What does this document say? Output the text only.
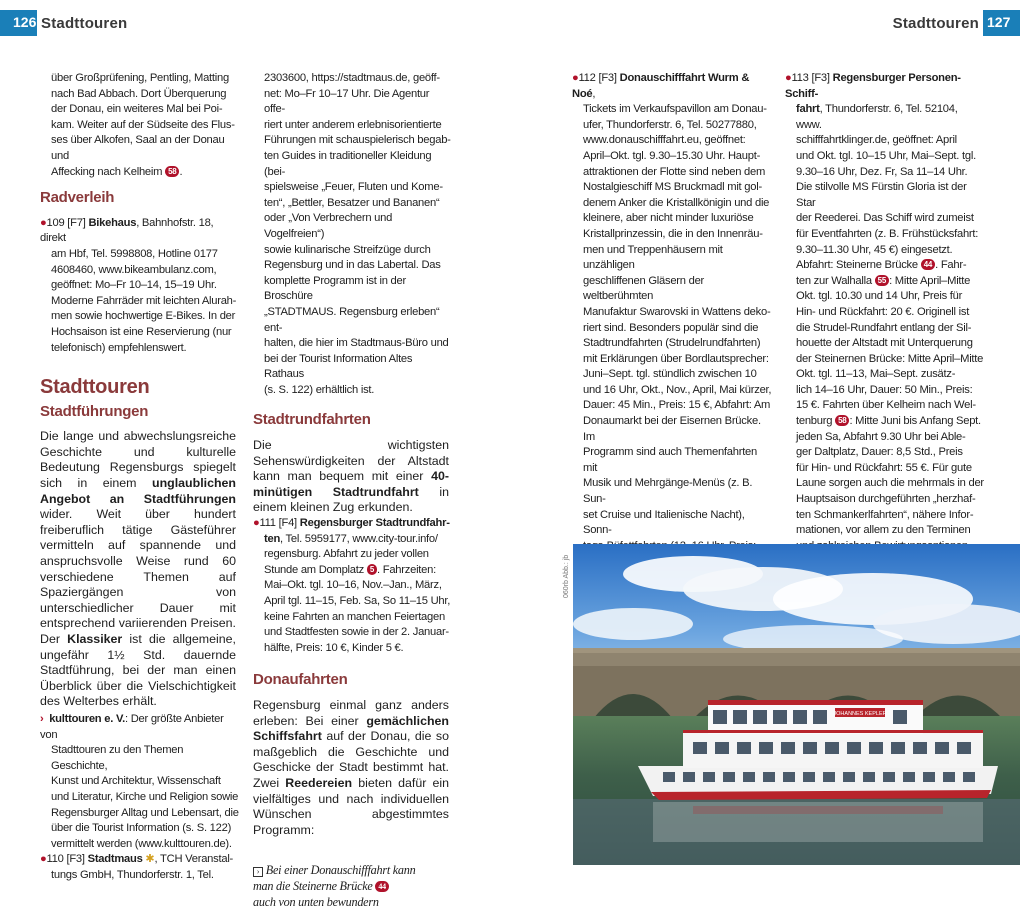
126 Stadttouren	Stadttouren 127
über Großprüfening, Pentling, Matting
nach Bad Abbach. Dort Überquerung
der Donau, ein weiteres Mal bei Poi-
kam. Weiter auf der Südseite des Flus-
ses über Alkofen, Saal an der Donau und
Affecking nach Kelheim 58 .
Radverleih
●109 [F7] Bikehaus, Bahnhofstr. 18, direkt
am Hbf, Tel. 5998808, Hotline 0177
4608460, www.bikeambulanz.com,
geöffnet: Mo–Fr 10–14, 15–19 Uhr.
Moderne Fahrräder mit leichten Alurah-
men sowie hochwertige E-Bikes. In der
Hochsaison ist eine Reservierung (nur
telefonisch) empfehlenswert.
Stadttouren
Stadtführungen
Die lange und abwechslungsreiche Geschichte und kulturelle Bedeutung Regensburgs spiegelt sich in einem unglaublichen Angebot an Stadtführungen wider. Weit über hundert freiberuflich tätige Gästeführer vermitteln auf spannende und anspruchsvolle Weise rund 60 verschiedene Themen auf Spaziergängen von unterschiedlicher Dauer mit entsprechend variierenden Preisen. Der Klassiker ist die allgemeine, ungefähr 1½ Std. dauernde Stadtführung, bei der man einen Überblick über die Vielschichtigkeit des Welterbes erhält.
› kulttouren e. V.: Der größte Anbieter von
Stadttouren zu den Themen Geschichte,
Kunst und Architektur, Wissenschaft
und Literatur, Kirche und Religion sowie
Regensburger Alltag und Lebensart, die
über die Tourist Information (s. S. 122)
vermittelt werden (www.kulttouren.de).
●110 [F3] Stadtmaus ✱, TCH Veranstal-
tungs GmbH, Thundorferstr. 1, Tel.
2303600, https://stadtmaus.de, geöff-
net: Mo–Fr 10–17 Uhr. Die Agentur offe-
riert unter anderem erlebnisorientierte
Führungen mit schauspielerisch begab-
ten Guides in traditioneller Kleidung (bei-
spielsweise „Feuer, Fluten und Kome-
ten“, „Bettler, Besatzer und Bananen“
oder „Von Verbrechern und Vogelfreien“)
sowie kulinarische Streifzüge durch
Regensburg und in das Labertal. Das
komplette Programm ist in der Broschüre
„STADTMAUS. Regensburg erleben“ ent-
halten, die hier im Stadtmaus-Büro und
bei der Tourist Information Altes Rathaus
(s. S. 122) erhältlich ist.
Stadtrundfahrten
Die wichtigsten Sehenswürdigkeiten der Altstadt kann man bequem mit einer 40-minütigen Stadtrundfahrt in einem kleinen Zug erkunden.
●111 [F4] Regensburger Stadtrundfahr-
ten, Tel. 5959177, www.city-tour.info/
regensburg. Abfahrt zu jeder vollen
Stunde am Domplatz 5 . Fahrzeiten:
Mai–Okt. tgl. 10–16, Nov.–Jan., März,
April tgl. 11–15, Feb. Sa, So 11–15 Uhr,
keine Fahrten an manchen Feiertagen
und Stadtfesten sowie in der 2. Januar-
hälfte, Preis: 10 €, Kinder 5 €.
Donaufahrten
Regensburg einmal ganz anders erleben: Bei einer gemächlichen Schiffsfahrt auf der Donau, die so maßgeblich die Geschichte und Geschicke der Stadt bestimmt hat. Zwei Reedereien bieten dafür ein vielfältiges und nach individuellen Wünschen abgestimmtes Programm:
› Bei einer Donauschifffahrt kann
man die Steinerne Brücke 44
auch von unten bewundern
●112 [F3] Donauschifffahrt Wurm & Noé,
Tickets im Verkaufspavillon am Donau-
ufer, Thundorferstr. 6, Tel. 50277880,
www.donauschifffahrt.eu, geöffnet:
April–Okt. tgl. 9.30–15.30 Uhr. Haupt-
attraktionen der Flotte sind neben dem
Nostalgieschiff MS Bruckmadl mit gol-
denem Anker die Kristallkönigin und die
kleinere, aber nicht minder luxuriöse
Kristallprinzessin, die in den Innenräu-
men und Treppenhäusern mit unzähligen
geschliffenen Gläsern der weltberühmten
Manufaktur Swarovski in Wattens deko-
riert sind. Besonders populär sind die
Stadtrundfahrten (Strudelrundfahrten)
mit Erklärungen über Bordlautsprecher:
Juni–Sept. tgl. stündlich zwischen 10
und 16 Uhr, Okt., Nov., April, Mai kürzer,
Dauer: 45 Min., Preis: 15 €, Abfahrt: Am
Donaumarkt bei der Eisernen Brücke. Im
Programm sind auch Themenfahrten mit
Musik und Mehrgänge-Menüs (z. B. Sun-
set Cruise und Italienische Nacht), Sonn-
●113 [F3] Regensburger Personen-Schiff-
fahrt, Thundorferstr. 6, Tel. 52104, www.
schifffahrtklinger.de, geöffnet: April
und Okt. tgl. 10–15 Uhr, Mai–Sept. tgl.
9.30–16 Uhr, Dez. Fr, Sa 11–14 Uhr.
Die stilvolle MS Fürstin Gloria ist der Star
der Reederei. Das Schiff wird zumeist
für Eventfahrten (z. B. Frühstücksfahrt:
9.30–11.30 Uhr, 45 €) eingesetzt.
Abfahrt: Steinerne Brücke 44 . Fahr-
ten zur Walhalla 55 : Mitte April–Mitte
Okt. tgl. 10.30 und 14 Uhr, Preis für
Hin- und Rückfahrt: 20 €. Originell ist
die Strudel-Rundfahrt entlang der Sil-
houette der Altstadt mit Unterquerung
der Steinernen Brücke: Mitte April–Mitte
Okt. tgl. 11–13, Mai–Sept. zusätz-
lich 14–16 Uhr, Dauer: 50 Min., Preis:
15 €. Fahrten über Kelheim nach Wel-
tenburg 58 : Mitte Juni bis Anfang Sept.
jeden Sa, Abfahrt 9.30 Uhr bei Able-
ger Daltplatz, Dauer: 8,5 Std., Preis
für Hin- und Rückfahrt: 55 €. Für gute
Laune sorgen auch die mehrmals in der
Hauptsaison durchgeführten „herzhaf-
ten Schmankerlfahrten“, nähere Infor-
mationen, vor allem zu den Terminen
060rb Abb.: jb
JOHANNES KEPLER
